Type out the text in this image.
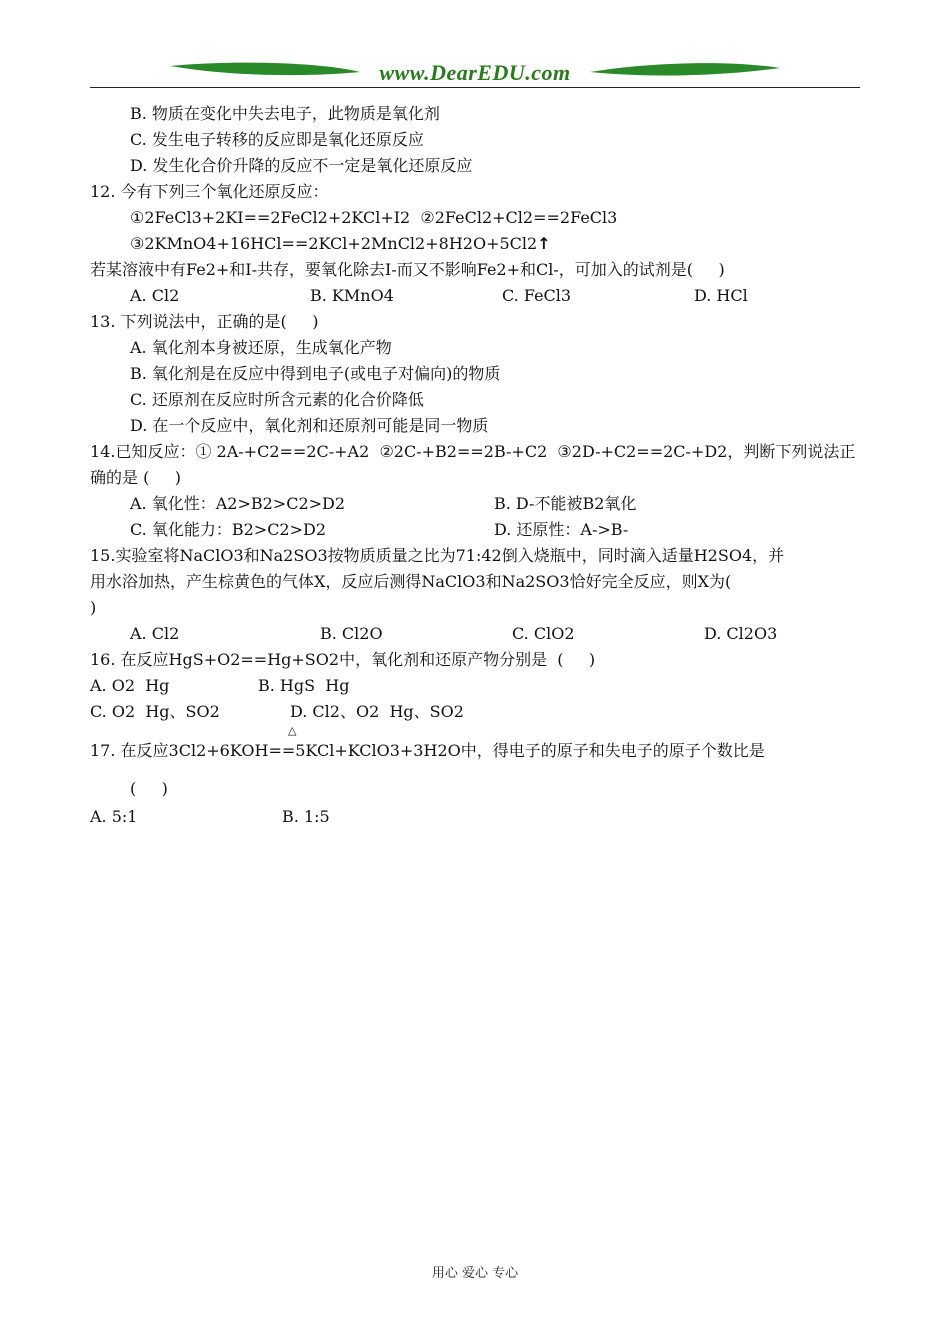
www.DearEDU.com
B. 物质在变化中失去电子，此物质是氧化剂
C. 发生电子转移的反应即是氧化还原反应
D. 发生化合价升降的反应不一定是氧化还原反应
12. 今有下列三个氧化还原反应：
①2FeCl3+2KI==2FeCl2+2KCl+I2  ②2FeCl2+Cl2==2FeCl3
③2KMnO4+16HCl==2KCl+2MnCl2+8H2O+5Cl2↑
若某溶液中有Fe2+和I-共存，要氧化除去I-而又不影响Fe2+和Cl-，可加入的试剂是(     )
A. Cl2	B. KMnO4	C. FeCl3	D. HCl
13. 下列说法中，正确的是(     )
A. 氧化剂本身被还原，生成氧化产物
B. 氧化剂是在反应中得到电子(或电子对偏向)的物质
C. 还原剂在反应时所含元素的化合价降低
D. 在一个反应中，氧化剂和还原剂可能是同一物质
14.已知反应：① 2A-+C2==2C-+A2  ②2C-+B2==2B-+C2  ③2D-+C2==2C-+D2，判断下列说法正
确的是 (     )
A. 氧化性：A2>B2>C2>D2	B. D-不能被B2氧化
C. 氧化能力：B2>C2>D2	D. 还原性：A->B-
15.实验室将NaClO3和Na2SO3按物质质量之比为71:42倒入烧瓶中，同时滴入适量H2SO4，并
用水浴加热，产生棕黄色的气体X，反应后测得NaClO3和Na2SO3恰好完全反应，则X为(
)
A. Cl2	B. Cl2O	C. ClO2	D. Cl2O3
16. 在反应HgS+O2==Hg+SO2中，氧化剂和还原产物分别是  (     )
A. O2  Hg	B. HgS  Hg
C. O2  Hg、SO2	D. Cl2、O2  Hg、SO2
△
17. 在反应3Cl2+6KOH==5KCl+KClO3+3H2O中，得电子的原子和失电子的原子个数比是
(     )
A. 5:1	B. 1:5
用心 爱心 专心
